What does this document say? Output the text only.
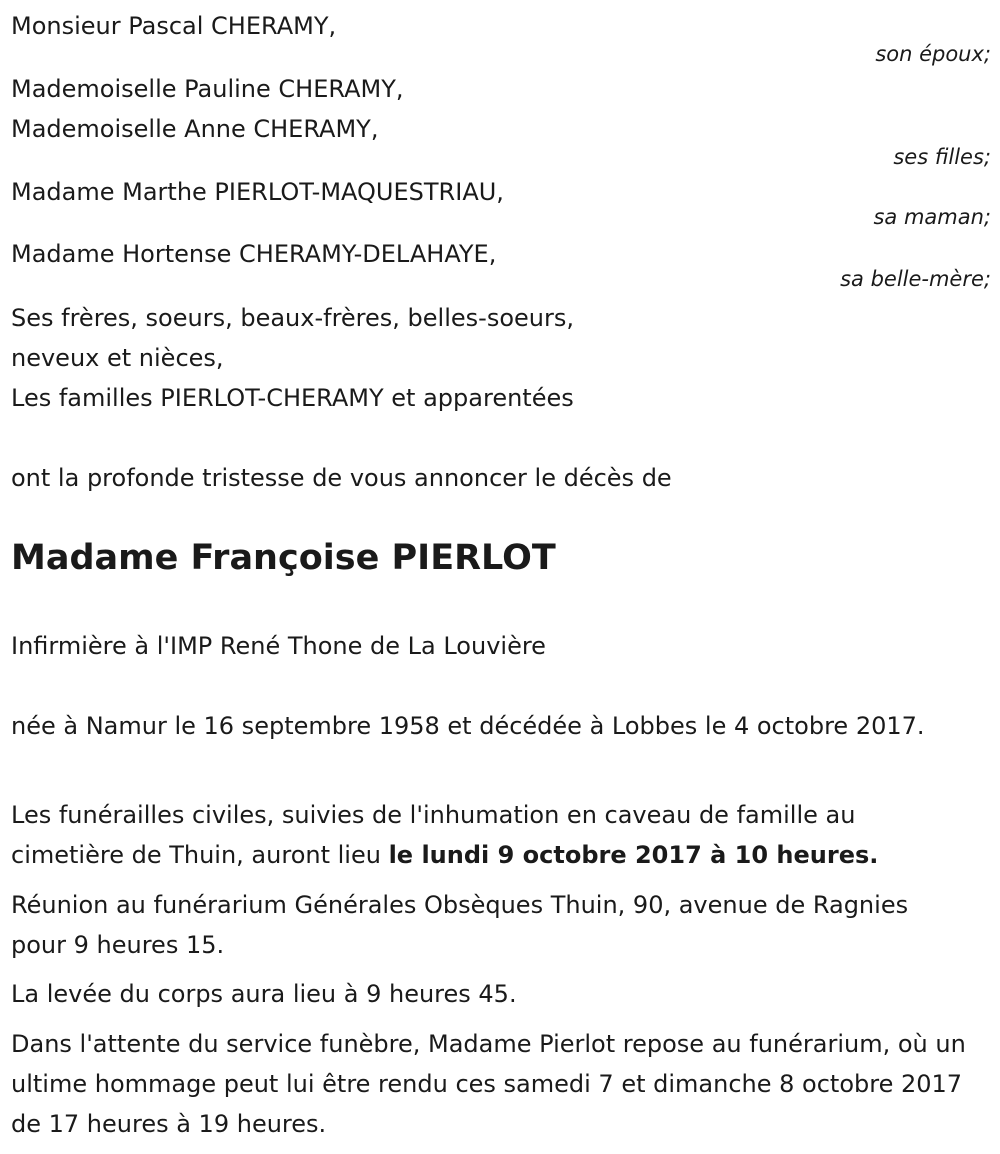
Monsieur Pascal CHERAMY,
son époux;
Mademoiselle Pauline CHERAMY,
Mademoiselle Anne CHERAMY,
ses filles;
Madame Marthe PIERLOT-MAQUESTRIAU,
sa maman;
Madame Hortense CHERAMY-DELAHAYE,
sa belle-mère;
Ses frères, soeurs, beaux-frères, belles-soeurs,
neveux et nièces,
Les familles PIERLOT-CHERAMY et apparentées
ont la profonde tristesse de vous annoncer le décès de
Madame Françoise PIERLOT
Infirmière à l'IMP René Thone de La Louvière
née à Namur le 16 septembre 1958 et décédée à Lobbes le 4 octobre 2017.
Les funérailles civiles, suivies de l'inhumation en caveau de famille au cimetière de Thuin, auront lieu le lundi 9 octobre 2017 à 10 heures.
Réunion au funérarium Générales Obsèques Thuin, 90, avenue de Ragnies pour 9 heures 15.
La levée du corps aura lieu à 9 heures 45.
Dans l'attente du service funèbre, Madame Pierlot repose au funérarium, où un ultime hommage peut lui être rendu ces samedi 7 et dimanche 8 octobre 2017 de 17 heures à 19 heures.
